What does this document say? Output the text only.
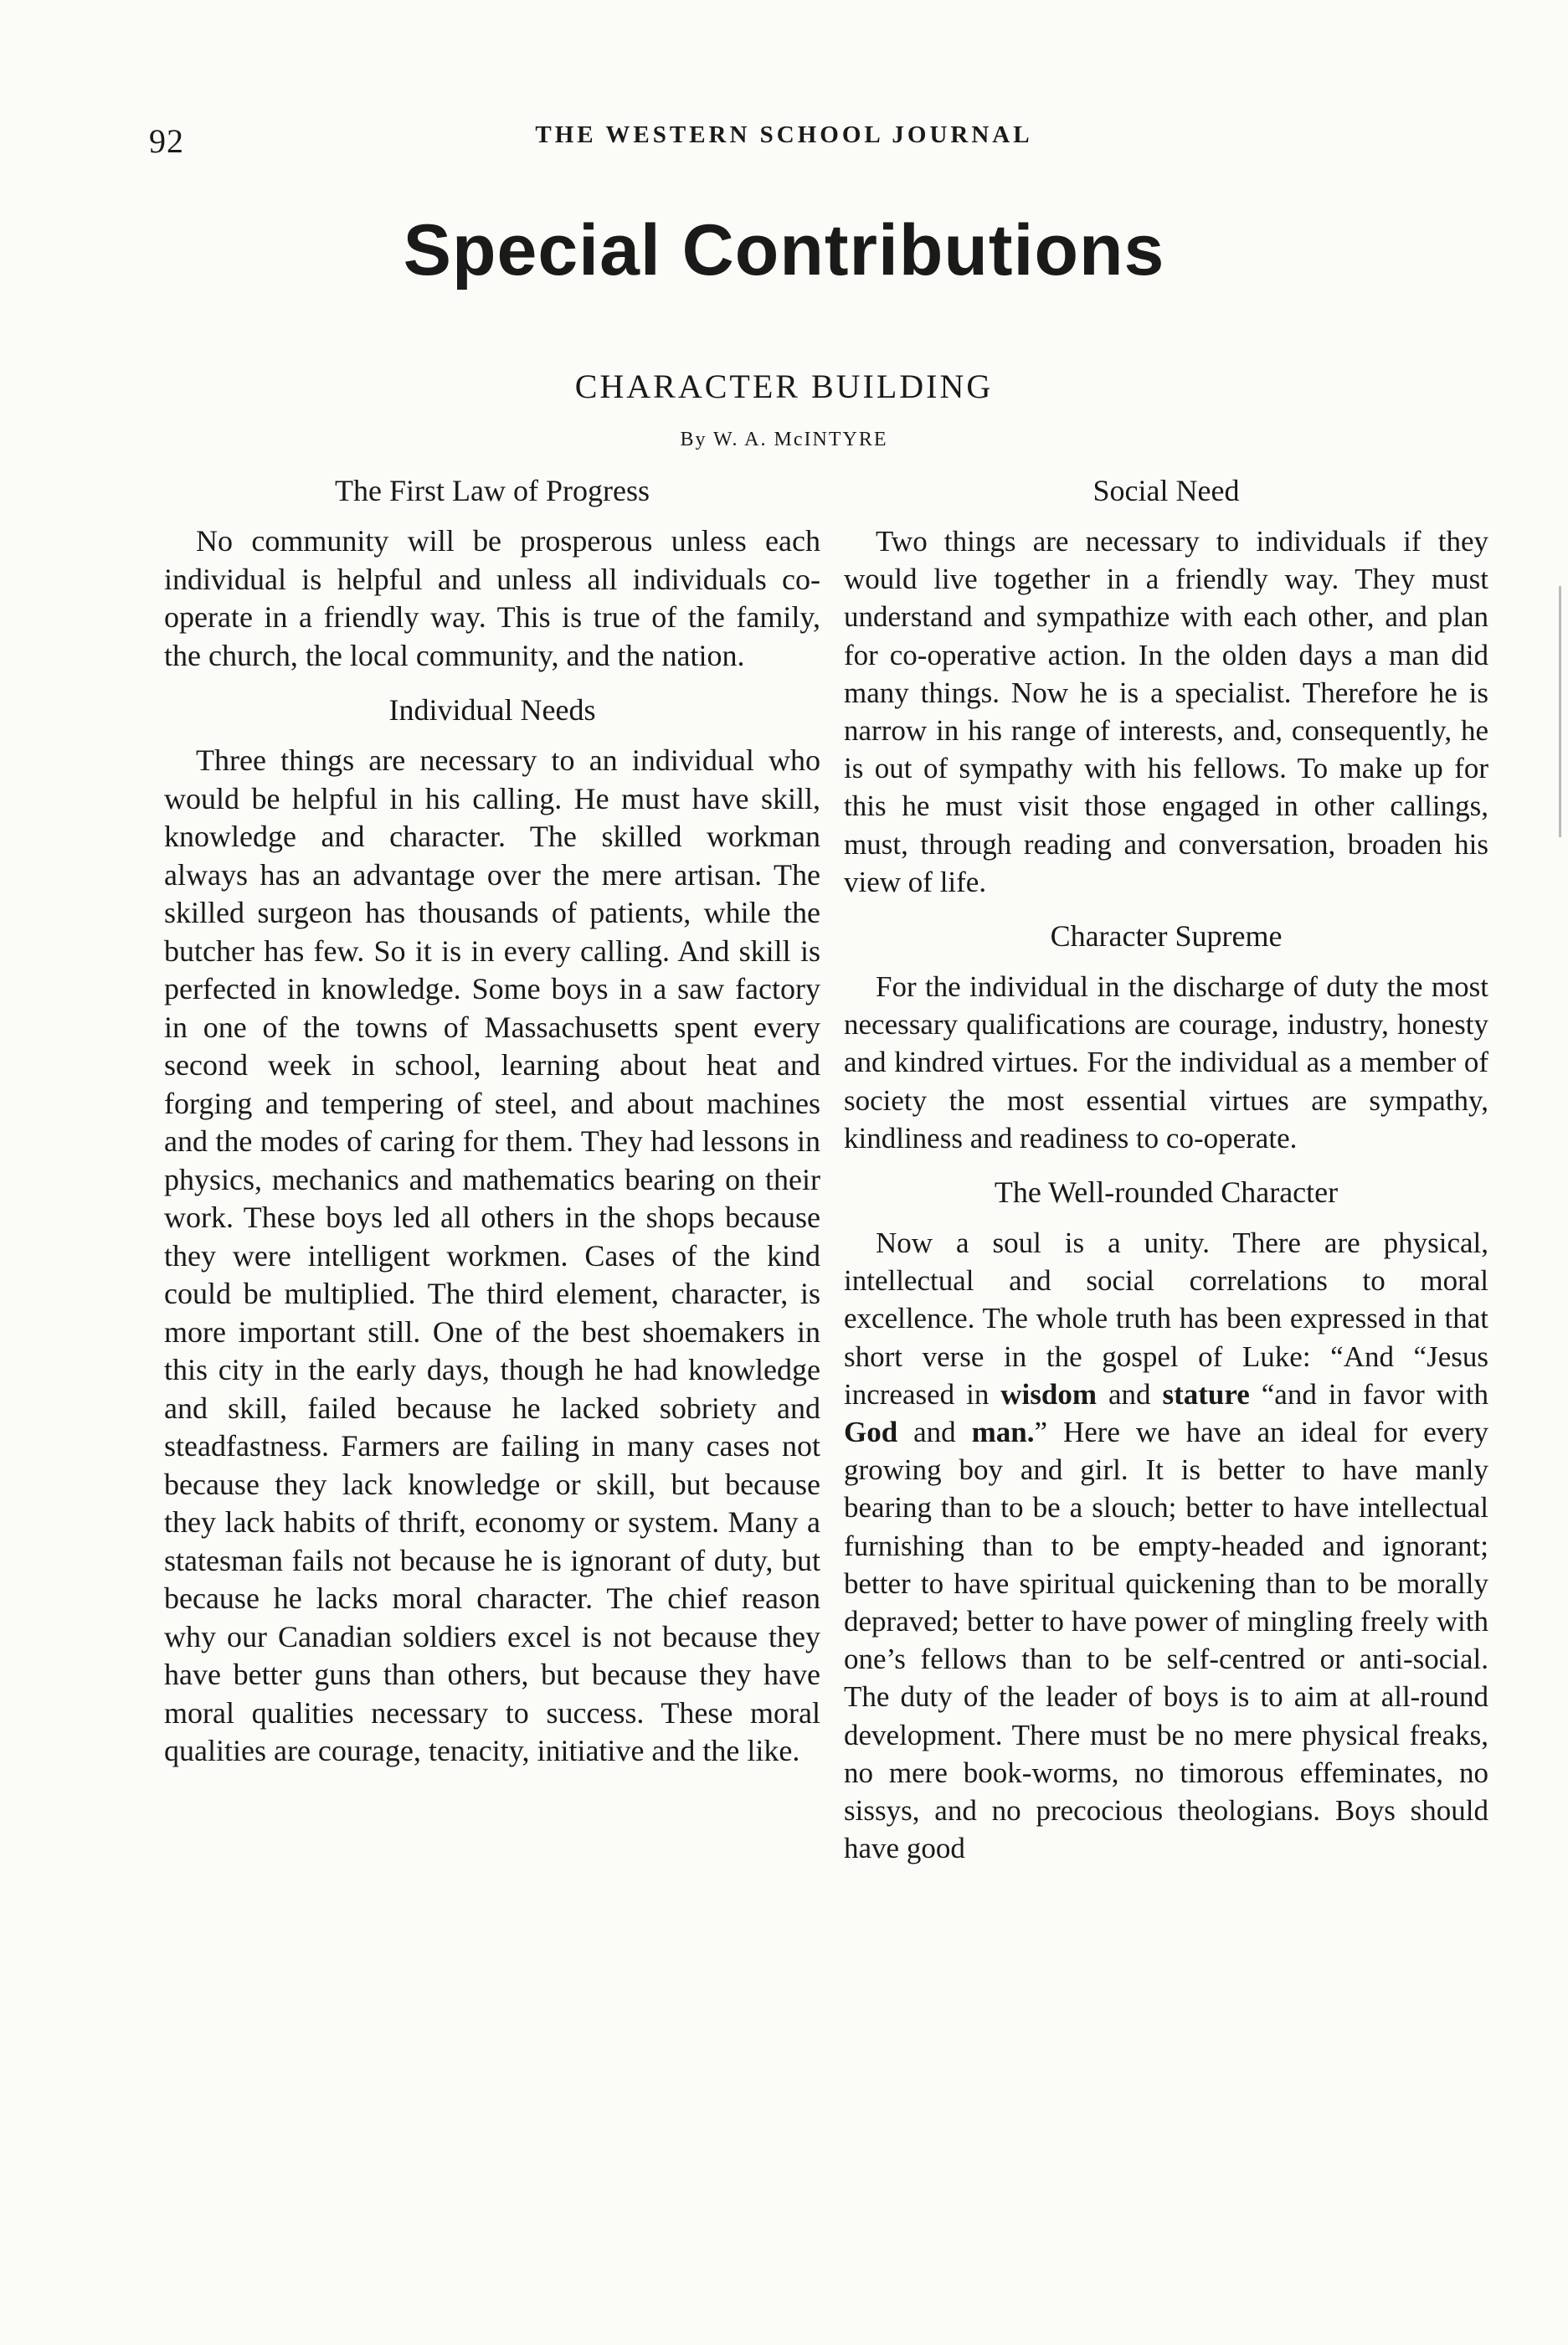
92	THE WESTERN SCHOOL JOURNAL
Special Contributions
CHARACTER BUILDING
By W. A. McINTYRE
The First Law of Progress

No community will be prosperous unless each individual is helpful and unless all individuals co-operate in a friendly way. This is true of the family, the church, the local community, and the nation.

Individual Needs

Three things are necessary to an individual who would be helpful in his calling. He must have skill, knowledge and character. The skilled workman always has an advantage over the mere artisan. The skilled surgeon has thousands of patients, while the butcher has few. So it is in every calling. And skill is perfected in knowledge. Some boys in a saw factory in one of the towns of Massachusetts spent every second week in school, learning about heat and forging and tempering of steel, and about machines and the modes of caring for them. They had lessons in physics, mechanics and mathematics bearing on their work. These boys led all others in the shops because they were intelligent workmen. Cases of the kind could be multiplied. The third element, character, is more important still. One of the best shoemakers in this city in the early days, though he had knowledge and skill, failed because he lacked sobriety and steadfastness. Farmers are failing in many cases not because they lack knowledge or skill, but because they lack habits of thrift, economy or system. Many a statesman fails not because he is ignorant of duty, but because he lacks moral character. The chief reason why our Canadian soldiers excel is not because they have better guns than others, but because they have moral qualities necessary to success. These moral qualities are courage, tenacity, initiative and the like.

Social Need

Two things are necessary to individuals if they would live together in a friendly way. They must understand and sympathize with each other, and plan for co-operative action. In the olden days a man did many things. Now he is a specialist. Therefore he is narrow in his range of interests, and, consequently, he is out of sympathy with his fellows. To make up for this he must visit those engaged in other callings, must, through reading and conversation, broaden his view of life.

Character Supreme

For the individual in the discharge of duty the most necessary qualifications are courage, industry, honesty and kindred virtues. For the individual as a member of society the most essential virtues are sympathy, kindliness and readiness to co-operate.

The Well-rounded Character

Now a soul is a unity. There are physical, intellectual and social correlations to moral excellence. The whole truth has been expressed in that short verse in the gospel of Luke: “And “Jesus increased in wisdom and stature “and in favor with God and man.” Here we have an ideal for every growing boy and girl. It is better to have manly bearing than to be a slouch; better to have intellectual furnishing than to be empty-headed and ignorant; better to have spiritual quickening than to be morally depraved; better to have power of mingling freely with one’s fellows than to be self-centred or anti-social. The duty of the leader of boys is to aim at all-round development. There must be no mere physical freaks, no mere book-worms, no timorous effeminates, no sissys, and no precocious theologians. Boys should have good
